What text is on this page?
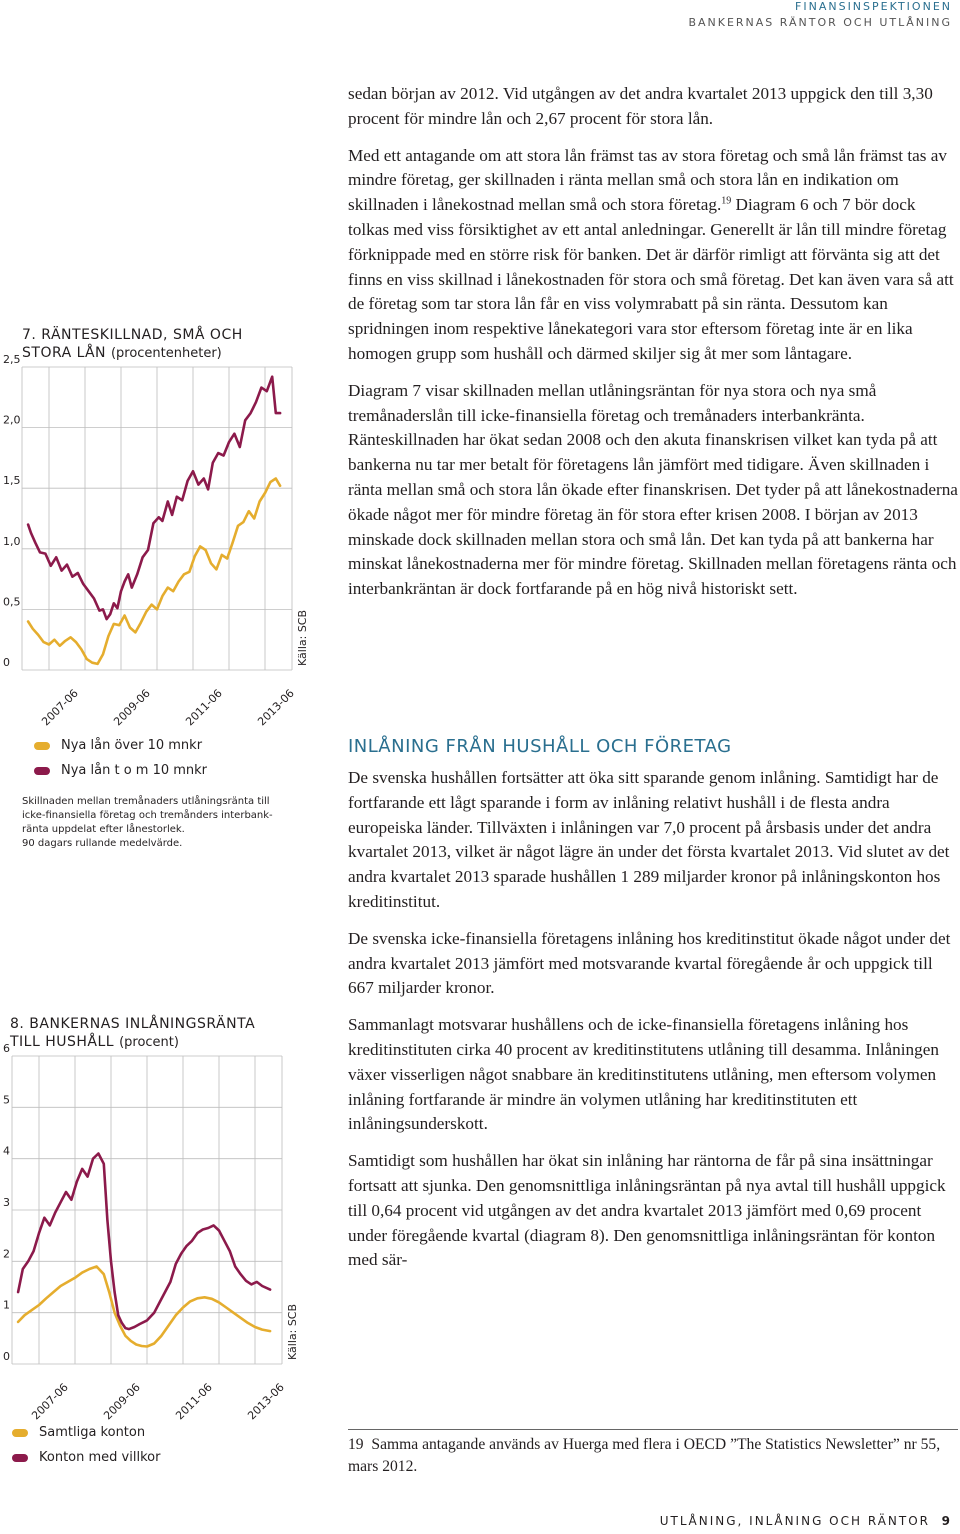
FINANSINSPEKTIONEN
BANKERNAS RÄNTOR OCH UTLÅNING
7. RÄNTESKILLNAD, SMÅ OCH
STORA LÅN (procentenheter)
0
0,5
1,0
1,5
2,0
2,5
2007-06	2009-06	2011-06	2013-06
Källa: SCB
Nya lån över 10 mnkr
Nya lån t o m 10 mnkr

Skillnaden mellan tremånaders utlåningsränta till icke-finansiella företag och tremånders interbank-ränta uppdelat efter lånestorlek.

90 dagars rullande medelvärde.

8. BANKERNAS INLÅNINGSRÄNTA
TILL HUSHÅLL (procent)
0
1
2
3
4
5
6
2007-06	2009-06	2011-06	2013-06
Källa: SCB
Samtliga konton
Konton med villkor

sedan början av 2012. Vid utgången av det andra kvartalet 2013 uppgick den till 3,30 procent för mindre lån och 2,67 procent för stora lån.

Med ett antagande om att stora lån främst tas av stora företag och små lån främst tas av mindre företag, ger skillnaden i ränta mellan små och stora lån en indikation om skillnaden i lånekostnad mellan små och stora företag.$^{19}$ Diagram 6 och 7 bör dock tolkas med viss försiktighet av ett antal anledningar. Generellt är lån till mindre företag förknippade med en större risk för banken. Det är därför rimligt att förvänta sig att det finns en viss skillnad i lånekostnaden för stora och små företag. Det kan även vara så att de företag som tar stora lån får en viss volymrabatt på sin ränta. Dessutom kan spridningen inom respektive lånekategori vara stor eftersom företag inte är en lika homogen grupp som hushåll och därmed skiljer sig åt mer som låntagare.

Diagram 7 visar skillnaden mellan utlåningsräntan för nya stora och nya små tremånaderslån till icke-finansiella företag och tremånaders interbankränta. Ränteskillnaden har ökat sedan 2008 och den akuta finanskrisen vilket kan tyda på att bankerna nu tar mer betalt för företagens lån jämfört med tidigare. Även skillnaden i ränta mellan små och stora lån ökade efter finanskrisen. Det tyder på att lånekostnaderna ökade något mer för mindre företag än för stora efter krisen 2008. I början av 2013 minskade dock skillnaden mellan stora och små lån. Det kan tyda på att bankerna har minskat lånekostnaderna mer för mindre företag. Skillnaden mellan företagens ränta och interbankräntan är dock fortfarande på en hög nivå historiskt sett.

INLÅNING FRÅN HUSHÅLL OCH FÖRETAG

De svenska hushållen fortsätter att öka sitt sparande genom inlåning. Samtidigt har de fortfarande ett lågt sparande i form av inlåning relativt hushåll i de flesta andra europeiska länder. Tillväxten i inlåningen var 7,0 procent på årsbasis under det andra kvartalet 2013, vilket är något lägre än under det första kvartalet 2013. Vid slutet av det andra kvartalet 2013 sparade hushållen 1 289 miljarder kronor på inlåningskonton hos kreditinstitut.

De svenska icke-finansiella företagens inlåning hos kreditinstitut ökade något under det andra kvartalet 2013 jämfört med motsvarande kvartal föregående år och uppgick till 667 miljarder kronor.

Sammanlagt motsvarar hushållens och de icke-finansiella företagens inlåning hos kreditinstituten cirka 40 procent av kreditinstitutens utlåning till desamma. Inlåningen växer visserligen något snabbare än kreditinstitutens utlåning, men eftersom volymen inlåning fortfarande är mindre än volymen utlåning har kreditinstituten ett inlåningsunderskott.

Samtidigt som hushållen har ökat sin inlåning har räntorna de får på sina insättningar fortsatt att sjunka. Den genomsnittliga inlåningsräntan på nya avtal till hushåll uppgick till 0,64 procent vid utgången av det andra kvartalet 2013 jämfört med 0,69 procent under föregående kvartal (diagram 8). Den genomsnittliga inlåningsräntan för konton med sär-

19 Samma antagande används av Huerga med flera i OECD ”The Statistics Newsletter” nr 55, mars 2012.
UTLÅNING, INLÅNING OCH RÄNTOR 9
